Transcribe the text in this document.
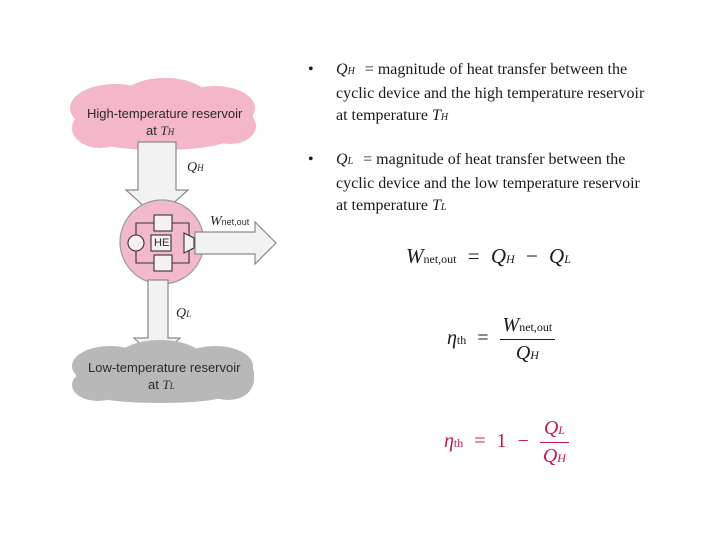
High-temperature reservoir
at TH
QH
Wnet,out
HE
QL
Low-temperature reservoir
at TL
• QH = magnitude of heat transfer between the
cyclic device and the high temperature reservoir
at temperature TH
• QL = magnitude of heat transfer between the
cyclic device and the low temperature reservoir
at temperature TL
Wnet,out = QH − QL
$\eta th = \frac{\text{Wnet,out}}{QH}$
$\eta th = 1 - \frac{QL}{QH}$
